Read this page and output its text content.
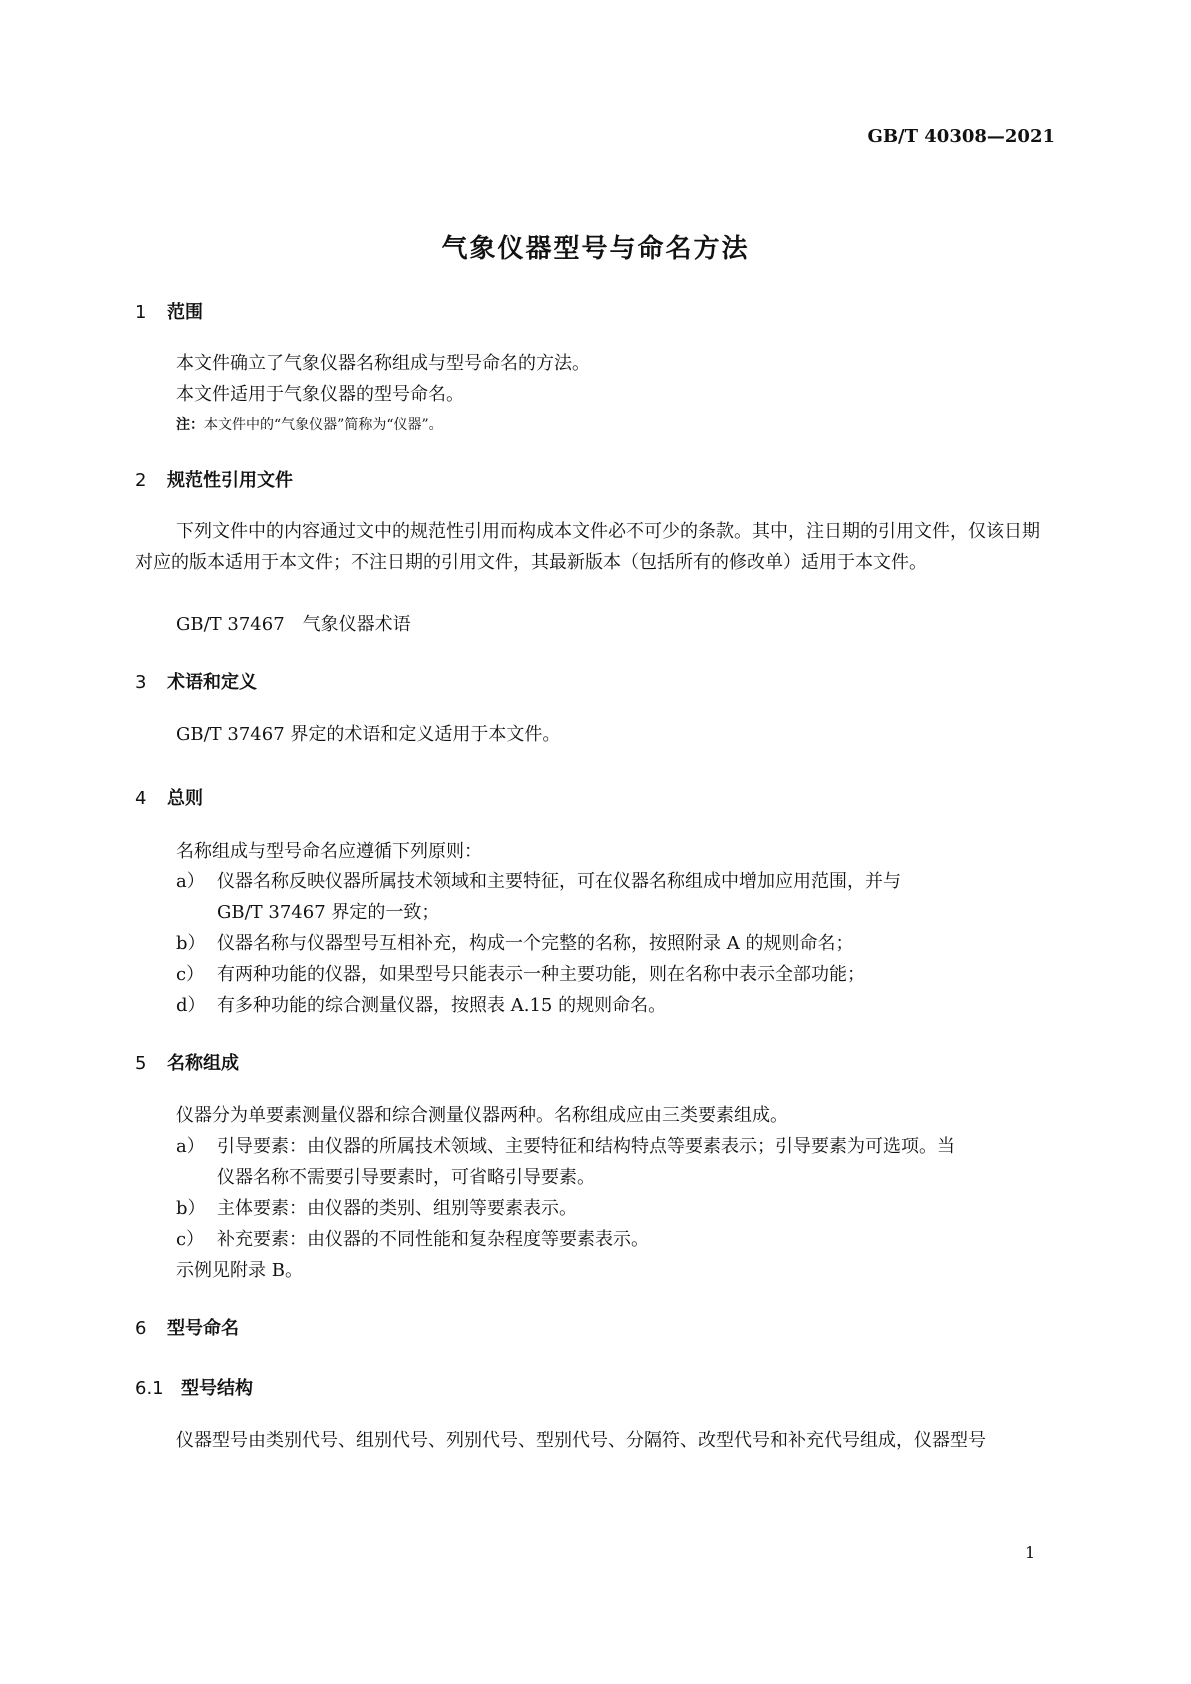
GB/T 40308—2021
气象仪器型号与命名方法
1 范围
本文件确立了气象仪器名称组成与型号命名的方法。
本文件适用于气象仪器的型号命名。
注：本文件中的“气象仪器”简称为“仪器”。
2 规范性引用文件
下列文件中的内容通过文中的规范性引用而构成本文件必不可少的条款。其中，注日期的引用文件，仅该日期对应的版本适用于本文件；不注日期的引用文件，其最新版本（包括所有的修改单）适用于本文件。
GB/T 37467　气象仪器术语
3 术语和定义
GB/T 37467 界定的术语和定义适用于本文件。
4 总则
名称组成与型号命名应遵循下列原则：
a） 仪器名称反映仪器所属技术领域和主要特征，可在仪器名称组成中增加应用范围，并与
GB/T 37467 界定的一致；
b） 仪器名称与仪器型号互相补充，构成一个完整的名称，按照附录 A 的规则命名；
c） 有两种功能的仪器，如果型号只能表示一种主要功能，则在名称中表示全部功能；
d） 有多种功能的综合测量仪器，按照表 A.15 的规则命名。
5 名称组成
仪器分为单要素测量仪器和综合测量仪器两种。名称组成应由三类要素组成。
a） 引导要素：由仪器的所属技术领域、主要特征和结构特点等要素表示；引导要素为可选项。当
仪器名称不需要引导要素时，可省略引导要素。
b） 主体要素：由仪器的类别、组别等要素表示。
c） 补充要素：由仪器的不同性能和复杂程度等要素表示。
示例见附录 B。
6 型号命名
6.1 型号结构
仪器型号由类别代号、组别代号、列别代号、型别代号、分隔符、改型代号和补充代号组成，仪器型号
1
